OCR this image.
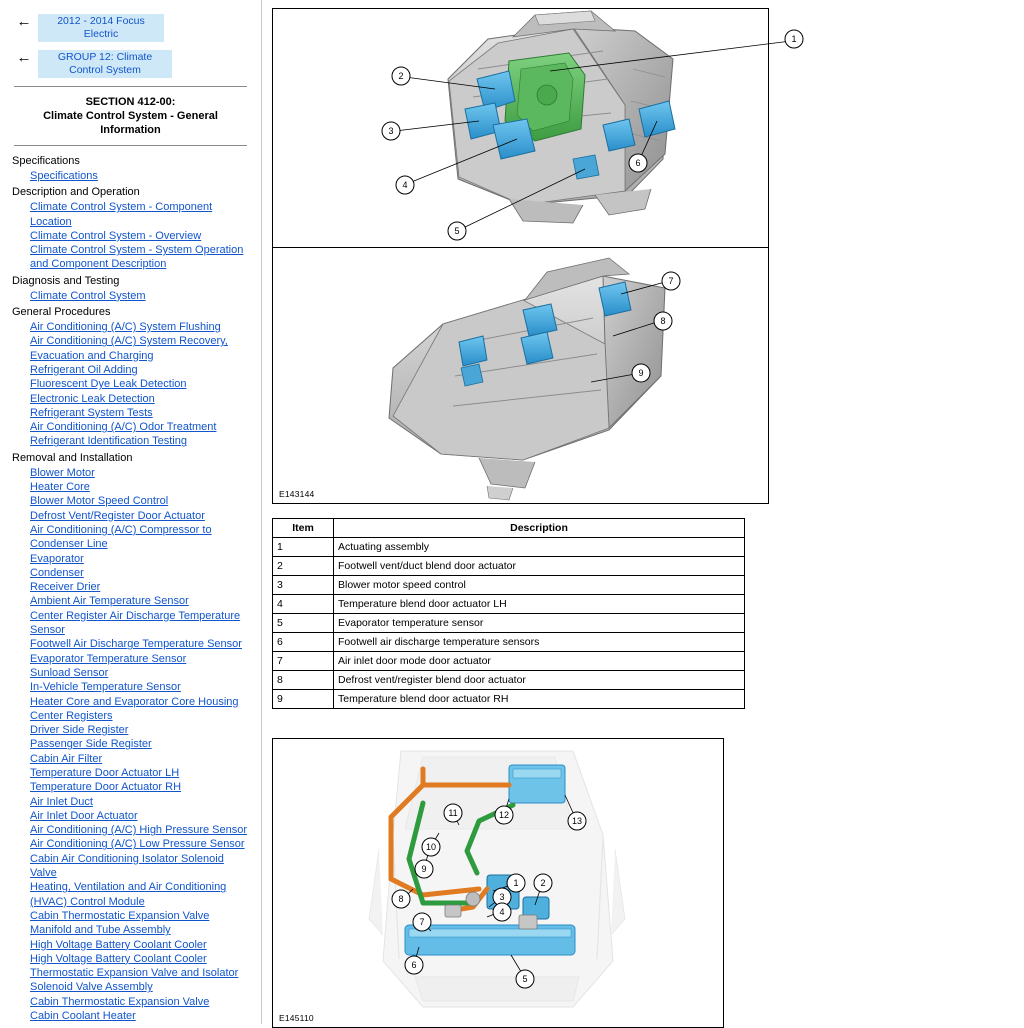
←	2012 - 2014 Focus Electric
←	GROUP 12: Climate Control System
SECTION 412-00:
Climate Control System - General
Information
Specifications
Specifications
Description and Operation
Climate Control System - Component Location
Climate Control System - Overview
Climate Control System - System Operation and Component Description
Diagnosis and Testing
Climate Control System
General Procedures
Air Conditioning (A/C) System Flushing
Air Conditioning (A/C) System Recovery, Evacuation and Charging
Refrigerant Oil Adding
Fluorescent Dye Leak Detection
Electronic Leak Detection
Refrigerant System Tests
Air Conditioning (A/C) Odor Treatment
Refrigerant Identification Testing
Removal and Installation
Blower Motor
Heater Core
Blower Motor Speed Control
Defrost Vent/Register Door Actuator
Air Conditioning (A/C) Compressor to Condenser Line
Evaporator
Condenser
Receiver Drier
Ambient Air Temperature Sensor
Center Register Air Discharge Temperature Sensor
Footwell Air Discharge Temperature Sensor
Evaporator Temperature Sensor
Sunload Sensor
In-Vehicle Temperature Sensor
Heater Core and Evaporator Core Housing
Center Registers
Driver Side Register
Passenger Side Register
Cabin Air Filter
Temperature Door Actuator LH
Temperature Door Actuator RH
Air Inlet Duct
Air Inlet Door Actuator
Air Conditioning (A/C) High Pressure Sensor
Air Conditioning (A/C) Low Pressure Sensor
Cabin Air Conditioning Isolator Solenoid Valve
Heating, Ventilation and Air Conditioning (HVAC) Control Module
Cabin Thermostatic Expansion Valve Manifold and Tube Assembly
High Voltage Battery Coolant Cooler
High Voltage Battery Coolant Cooler Thermostatic Expansion Valve and Isolator Solenoid Valve Assembly
Cabin Thermostatic Expansion Valve
Cabin Coolant Heater
1
2
3
4
5
6
7
8
9
E143144
Item	Description
1	Actuating assembly
2	Footwell vent/duct blend door actuator
3	Blower motor speed control
4	Temperature blend door actuator LH
5	Evaporator temperature sensor
6	Footwell air discharge temperature sensors
7	Air inlet door mode door actuator
8	Defrost vent/register blend door actuator
9	Temperature blend door actuator RH
1 2
3
4
5
6
7
8
9
10
11	12
13
E145110
